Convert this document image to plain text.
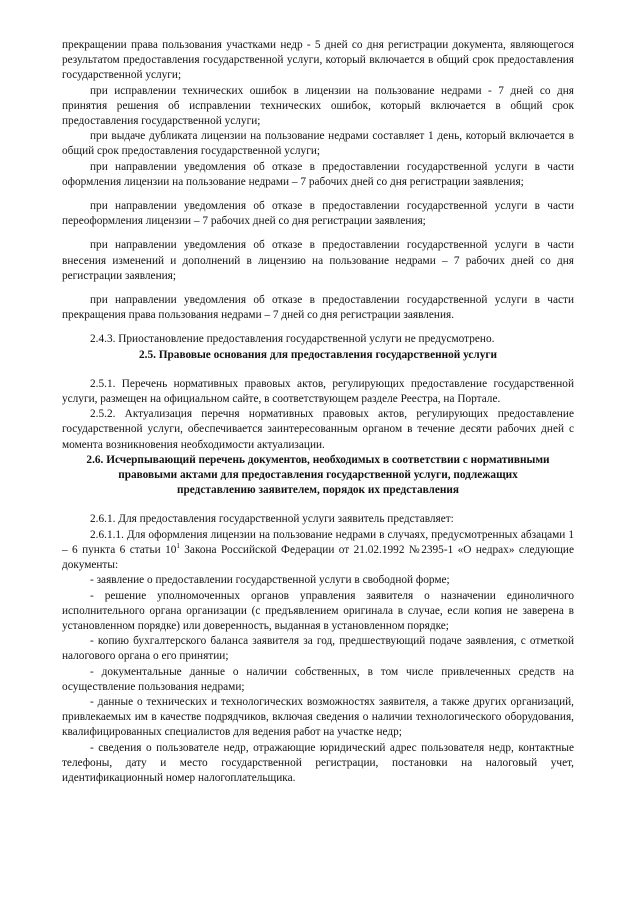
прекращении права пользования участками недр - 5 дней со дня регистрации документа, являющегося результатом предоставления государственной услуги, который включается в общий срок предоставления государственной услуги;

при исправлении технических ошибок в лицензии на пользование недрами - 7 дней со дня принятия решения об исправлении технических ошибок, который включается в общий срок предоставления государственной услуги;

при выдаче дубликата лицензии на пользование недрами составляет 1 день, который включается в общий срок предоставления государственной услуги;

при направлении уведомления об отказе в предоставлении государственной услуги в части оформления лицензии на пользование недрами – 7 рабочих дней со дня регистрации заявления;

при направлении уведомления об отказе в предоставлении государственной услуги в части переоформления лицензии – 7 рабочих дней со дня регистрации заявления;

при направлении уведомления об отказе в предоставлении государственной услуги в части внесения изменений и дополнений в лицензию на пользование недрами – 7 рабочих дней со дня регистрации заявления;

при направлении уведомления об отказе в предоставлении государственной услуги в части прекращения права пользования недрами – 7 дней со дня регистрации заявления.

2.4.3. Приостановление предоставления государственной услуги не предусмотрено.

2.5. Правовые основания для предоставления государственной услуги

2.5.1. Перечень нормативных правовых актов, регулирующих предоставление государственной услуги, размещен на официальном сайте, в соответствующем разделе Реестра, на Портале.

2.5.2. Актуализация перечня нормативных правовых актов, регулирующих предоставление государственной услуги, обеспечивается заинтересованным органом в течение десяти рабочих дней с момента возникновения необходимости актуализации.

2.6. Исчерпывающий перечень документов, необходимых в соответствии с нормативными правовыми актами для предоставления государственной услуги, подлежащих представлению заявителем, порядок их представления

2.6.1. Для предоставления государственной услуги заявитель представляет:

2.6.1.1. Для оформления лицензии на пользование недрами в случаях, предусмотренных абзацами 1 – 6 пункта 6 статьи $10^1$ Закона Российской Федерации от 21.02.1992 №2395-1 «О недрах» следующие документы:

- заявление о предоставлении государственной услуги в свободной форме;

- решение уполномоченных органов управления заявителя о назначении единоличного исполнительного органа организации (с предъявлением оригинала в случае, если копия не заверена в установленном порядке) или доверенность, выданная в установленном порядке;

- копию бухгалтерского баланса заявителя за год, предшествующий подаче заявления, с отметкой налогового органа о его принятии;

- документальные данные о наличии собственных, в том числе привлеченных средств на осуществление пользования недрами;

- данные о технических и технологических возможностях заявителя, а также других организаций, привлекаемых им в качестве подрядчиков, включая сведения о наличии технологического оборудования, квалифицированных специалистов для ведения работ на участке недр;

- сведения о пользователе недр, отражающие юридический адрес пользователя недр, контактные телефоны, дату и место государственной регистрации, постановки на налоговый учет, идентификационный номер налогоплательщика.
